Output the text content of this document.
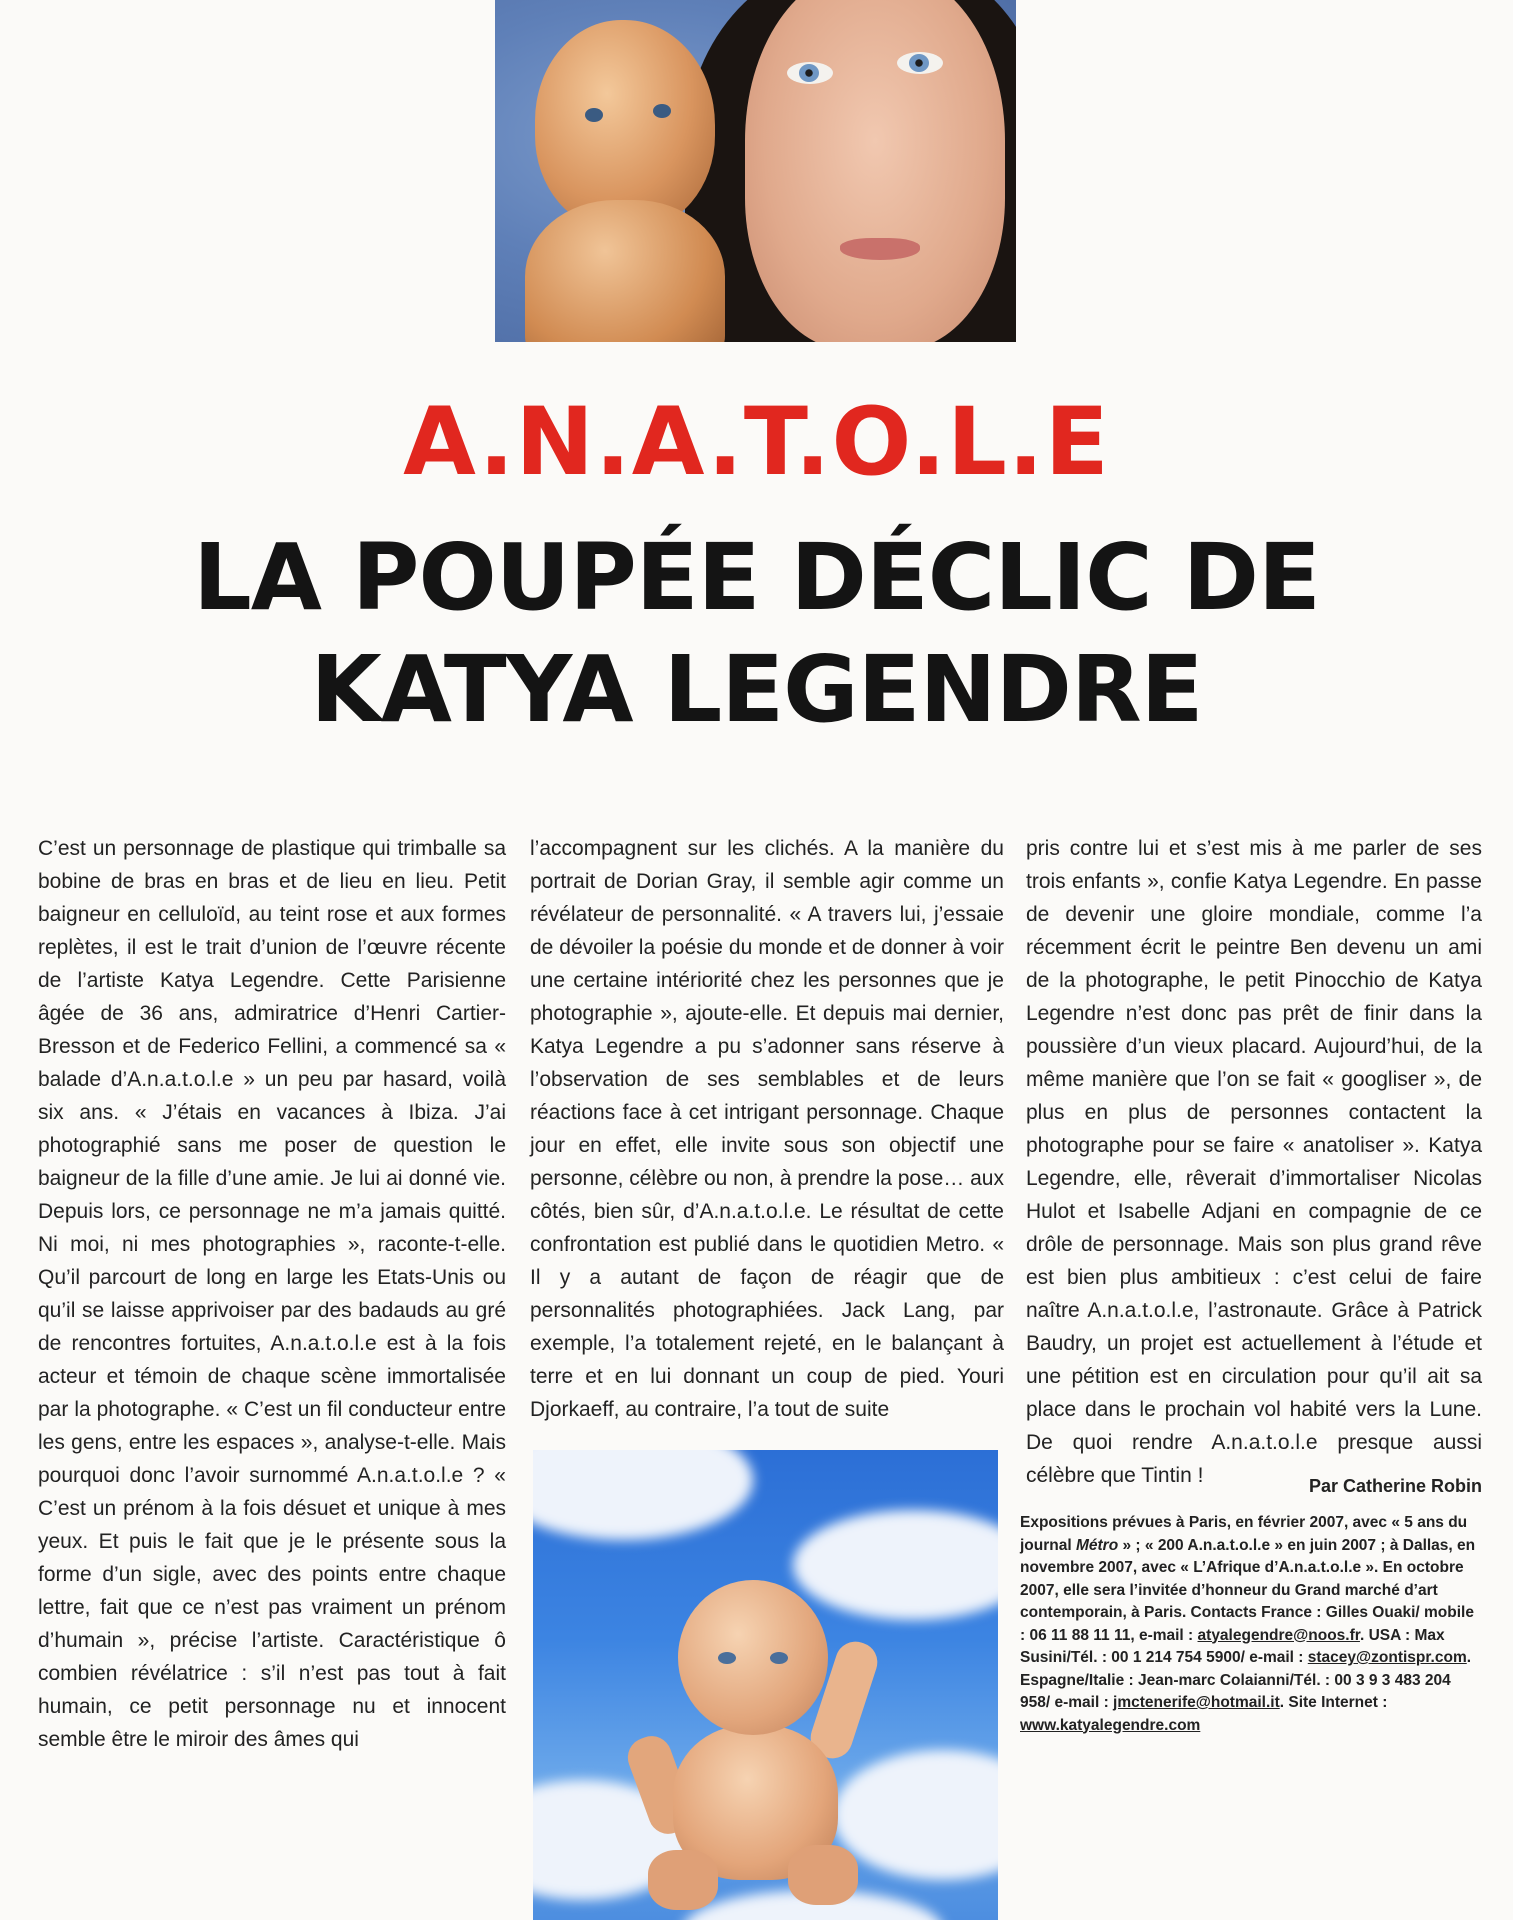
A.N.A.T.O.L.E
LA POUPÉE DÉCLIC DE
KATYA LEGENDRE

C’est un personnage de plastique qui trimballe sa bobine de bras en bras et de lieu en lieu. Petit baigneur en celluloïd, au teint rose et aux formes replètes, il est le trait d’union de l’œuvre récente de l’artiste Katya Legendre. Cette Parisienne âgée de 36 ans, admiratrice d’Henri Cartier-Bresson et de Federico Fellini, a commencé sa « balade d’A.n.a.t.o.l.e » un peu par hasard, voilà six ans. « J’étais en vacances à Ibiza. J’ai photographié sans me poser de question le baigneur de la fille d’une amie. Je lui ai donné vie. Depuis lors, ce personnage ne m’a jamais quitté. Ni moi, ni mes photographies », raconte-t-elle. Qu’il parcourt de long en large les Etats-Unis ou qu’il se laisse apprivoiser par des badauds au gré de rencontres fortuites, A.n.a.t.o.l.e est à la fois acteur et témoin de chaque scène immortalisée par la photographe. « C’est un fil conducteur entre les gens, entre les espaces », analyse-t-elle. Mais pourquoi donc l’avoir surnommé A.n.a.t.o.l.e ? « C’est un prénom à la fois désuet et unique à mes yeux. Et puis le fait que je le présente sous la forme d’un sigle, avec des points entre chaque lettre, fait que ce n’est pas vraiment un prénom d’humain », précise l’artiste. Caractéristique ô combien révélatrice : s’il n’est pas tout à fait humain, ce petit personnage nu et innocent semble être le miroir des âmes qui

l’accompagnent sur les clichés. A la manière du portrait de Dorian Gray, il semble agir comme un révélateur de personnalité. « A travers lui, j’essaie de dévoiler la poésie du monde et de donner à voir une certaine intériorité chez les personnes que je photographie », ajoute-elle. Et depuis mai dernier, Katya Legendre a pu s’adonner sans réserve à l’observation de ses semblables et de leurs réactions face à cet intrigant personnage. Chaque jour en effet, elle invite sous son objectif une personne, célèbre ou non, à prendre la pose… aux côtés, bien sûr, d’A.n.a.t.o.l.e. Le résultat de cette confrontation est publié dans le quotidien Metro. « Il y a autant de façon de réagir que de personnalités photographiées. Jack Lang, par exemple, l’a totalement rejeté, en le balançant à terre et en lui donnant un coup de pied. Youri Djorkaeff, au contraire, l’a tout de suite

pris contre lui et s’est mis à me parler de ses trois enfants », confie Katya Legendre. En passe de devenir une gloire mondiale, comme l’a récemment écrit le peintre Ben devenu un ami de la photographe, le petit Pinocchio de Katya Legendre n’est donc pas prêt de finir dans la poussière d’un vieux placard. Aujourd’hui, de la même manière que l’on se fait « googliser », de plus en plus de personnes contactent la photographe pour se faire « anatoliser ». Katya Legendre, elle, rêverait d’immortaliser Nicolas Hulot et Isabelle Adjani en compagnie de ce drôle de personnage. Mais son plus grand rêve est bien plus ambitieux : c’est celui de faire naître A.n.a.t.o.l.e, l’astronaute. Grâce à Patrick Baudry, un projet est actuellement à l’étude et une pétition est en circulation pour qu’il ait sa place dans le prochain vol habité vers la Lune. De quoi rendre A.n.a.t.o.l.e presque aussi célèbre que Tintin !	Par Catherine Robin

Expositions prévues à Paris, en février 2007, avec « 5 ans du journal Métro » ; « 200 A.n.a.t.o.l.e » en juin 2007 ; à Dallas, en novembre 2007, avec « L’Afrique d’A.n.a.t.o.l.e ». En octobre 2007, elle sera l’invitée d’honneur du Grand marché d’art contemporain, à Paris. Contacts France : Gilles Ouaki/ mobile : 06 11 88 11 11, e-mail : atyalegendre@noos.fr. USA : Max Susini/Tél. : 00 1 214 754 5900/ e-mail : stacey@zontispr.com. Espagne/Italie : Jean-marc Colaianni/Tél. : 00 3 9 3 483 204 958/ e-mail : jmctenerife@hotmail.it. Site Internet : www.katyalegendre.com
